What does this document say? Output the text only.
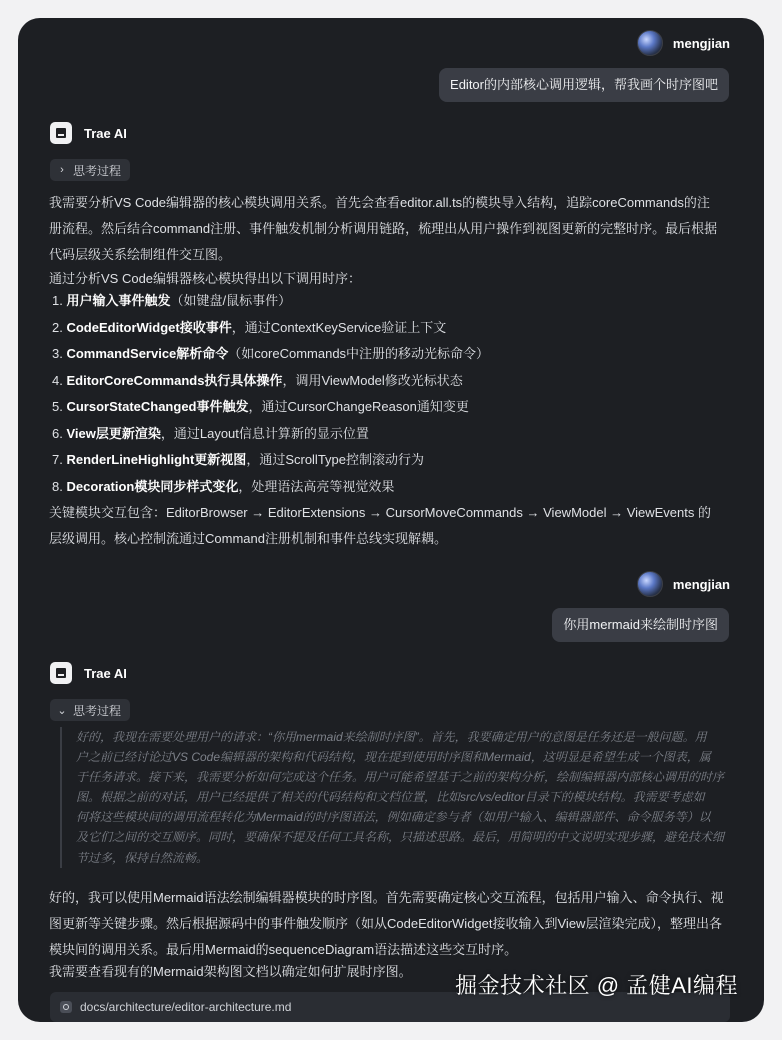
mengjian
Editor的内部核心调用逻辑，帮我画个时序图吧
Trae AI
› 思考过程
我需要分析VS Code编辑器的核心模块调用关系。首先会查看editor.all.ts的模块导入结构，追踪coreCommands的注
册流程。然后结合command注册、事件触发机制分析调用链路，梳理出从用户操作到视图更新的完整时序。最后根据
代码层级关系绘制组件交互图。
通过分析VS Code编辑器核心模块得出以下调用时序：
1. 用户输入事件触发（如键盘/鼠标事件）
2. CodeEditorWidget接收事件，通过ContextKeyService验证上下文
3. CommandService解析命令（如coreCommands中注册的移动光标命令）
4. EditorCoreCommands执行具体操作，调用ViewModel修改光标状态
5. CursorStateChanged事件触发，通过CursorChangeReason通知变更
6. View层更新渲染，通过Layout信息计算新的显示位置
7. RenderLineHighlight更新视图，通过ScrollType控制滚动行为
8. Decoration模块同步样式变化，处理语法高亮等视觉效果
关键模块交互包含：EditorBrowser → EditorExtensions → CursorMoveCommands → ViewModel → ViewEvents 的
层级调用。核心控制流通过Command注册机制和事件总线实现解耦。
mengjian
你用mermaid来绘制时序图
Trae AI
⌄ 思考过程
好的，我现在需要处理用户的请求：“你用mermaid来绘制时序图”。首先，我要确定用户的意图是任务还是一般问题。用
户之前已经讨论过VS Code编辑器的架构和代码结构，现在提到使用时序图和Mermaid，这明显是希望生成一个图表，属
于任务请求。接下来，我需要分析如何完成这个任务。用户可能希望基于之前的架构分析，绘制编辑器内部核心调用的时序
图。根据之前的对话，用户已经提供了相关的代码结构和文档位置，比如src/vs/editor目录下的模块结构。我需要考虑如
何将这些模块间的调用流程转化为Mermaid的时序图语法，例如确定参与者（如用户输入、编辑器部件、命令服务等）以
及它们之间的交互顺序。同时，要确保不提及任何工具名称，只描述思路。最后，用简明的中文说明实现步骤，避免技术细
节过多，保持自然流畅。
好的，我可以使用Mermaid语法绘制编辑器模块的时序图。首先需要确定核心交互流程，包括用户输入、命令执行、视
图更新等关键步骤。然后根据源码中的事件触发顺序（如从CodeEditorWidget接收输入到View层渲染完成），整理出各
模块间的调用关系。最后用Mermaid的sequenceDiagram语法描述这些交互时序。
我需要查看现有的Mermaid架构图文档以确定如何扩展时序图。
docs/architecture/editor-architecture.md
掘金技术社区 @ 孟健AI编程
